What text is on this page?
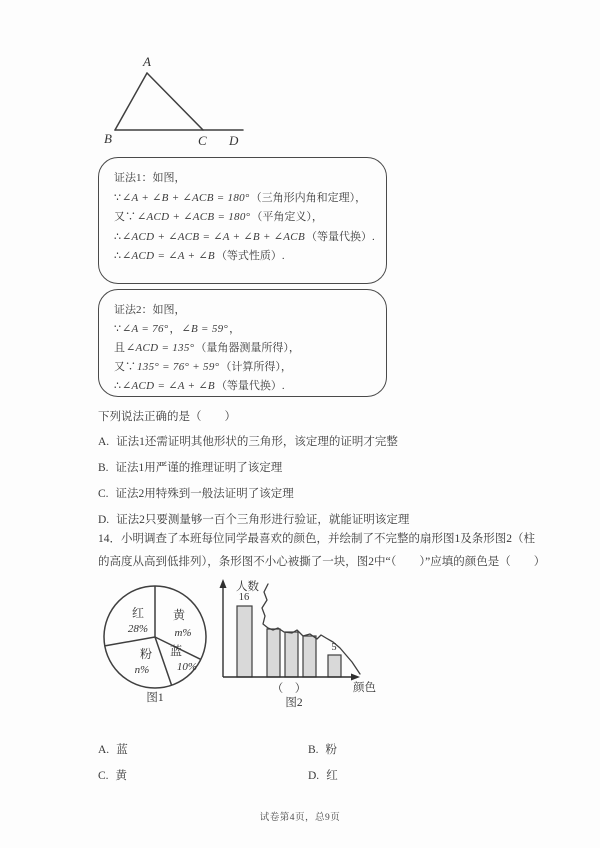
A
B	C D
证法1：如图，
∵∠A + ∠B + ∠ACB = 180°（三角形内角和定理），
又∵∠ACD + ∠ACB = 180°（平角定义），
∴∠ACD + ∠ACB = ∠A + ∠B + ∠ACB（等量代换）.
∴∠ACD = ∠A + ∠B（等式性质）.
证法2：如图，
∵∠A = 76°，∠B = 59°，
且∠ACD = 135°（量角器测量所得），
又∵135° = 76° + 59°（计算所得），
∴∠ACD = ∠A + ∠B（等量代换）.
下列说法正确的是（　　）
A. 证法1还需证明其他形状的三角形，该定理的证明才完整
B. 证法1用严谨的推理证明了该定理
C. 证法2用特殊到一般法证明了该定理
D. 证法2只要测量够一百个三角形进行验证，就能证明该定理
14．小明调查了本班每位同学最喜欢的颜色，并绘制了不完整的扇形图1及条形图2（柱
的高度从高到低排列），条形图不小心被撕了一块，图2中“（　　）”应填的颜色是（　　）
红
28%
黄
m%
粉
n%
蓝
10%
图1
人数
颜色
16
5
（　）
图2
A. 蓝	B. 粉
C. 黄	D. 红
试卷第4页，总9页
